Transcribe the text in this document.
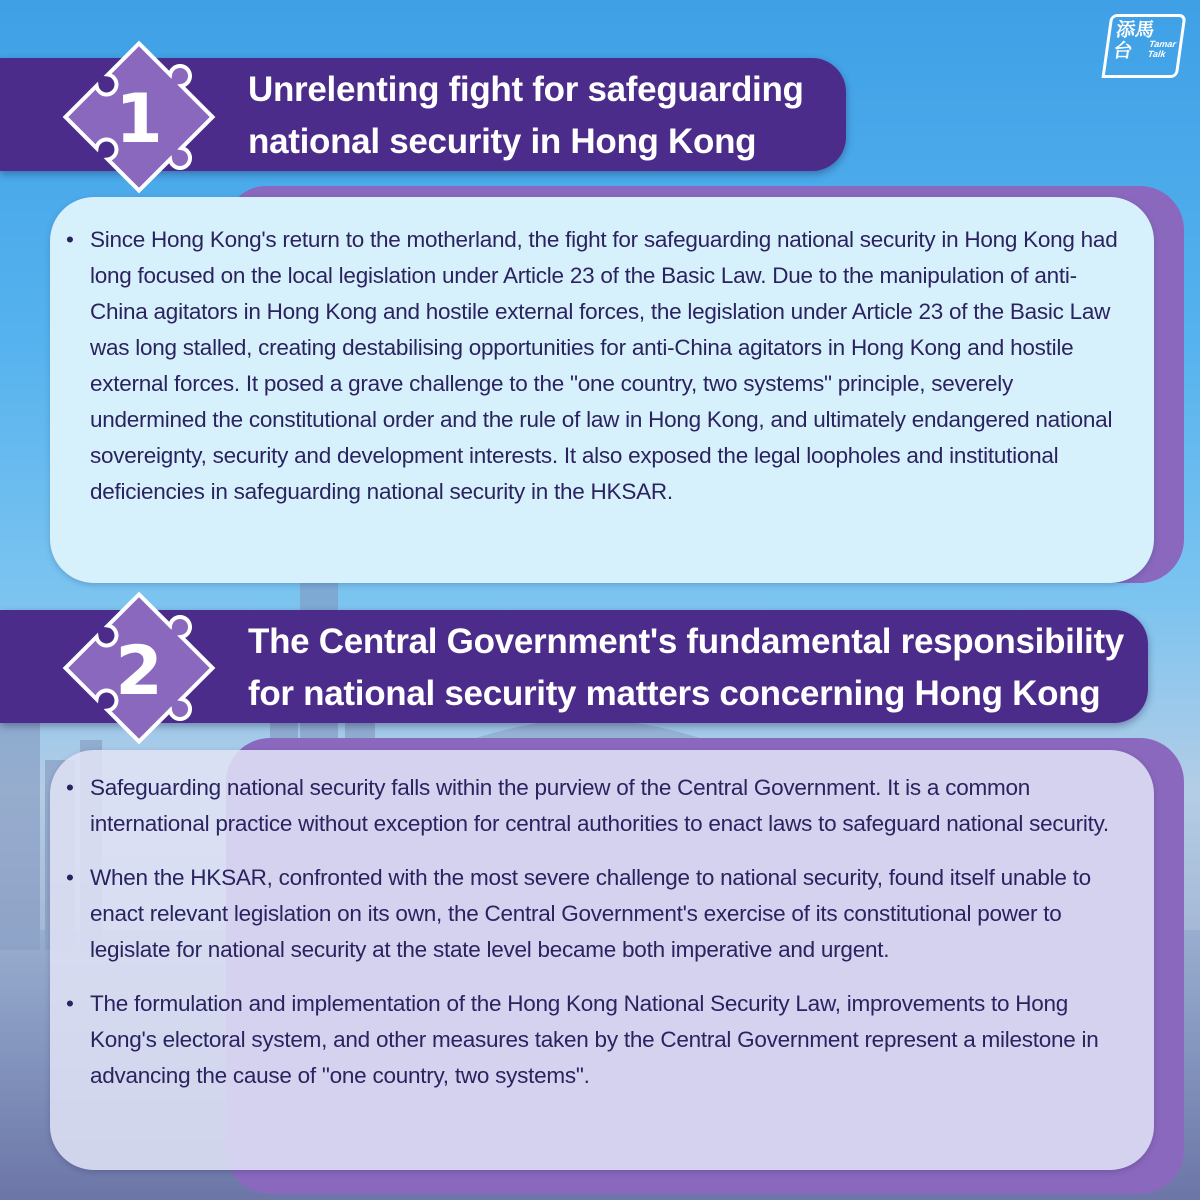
添馬台	Tamar Talk
1	Unrelenting fight for safeguarding
national security in Hong Kong
• Since Hong Kong's return to the motherland, the fight for safeguarding national security in Hong Kong had long focused on the local legislation under Article 23 of the Basic Law. Due to the manipulation of anti-China agitators in Hong Kong and hostile external forces, the legislation under Article 23 of the Basic Law was long stalled, creating destabilising opportunities for anti-China agitators in Hong Kong and hostile external forces. It posed a grave challenge to the "one country, two systems" principle, severely undermined the constitutional order and the rule of law in Hong Kong, and ultimately endangered national sovereignty, security and development interests. It also exposed the legal loopholes and institutional deficiencies in safeguarding national security in the HKSAR.
2	The Central Government's fundamental responsibility
for national security matters concerning Hong Kong
• Safeguarding national security falls within the purview of the Central Government. It is a common international practice without exception for central authorities to enact laws to safeguard national security.
• When the HKSAR, confronted with the most severe challenge to national security, found itself unable to enact relevant legislation on its own, the Central Government's exercise of its constitutional power to legislate for national security at the state level became both imperative and urgent.
• The formulation and implementation of the Hong Kong National Security Law, improvements to Hong Kong's electoral system, and other measures taken by the Central Government represent a milestone in advancing the cause of "one country, two systems".
